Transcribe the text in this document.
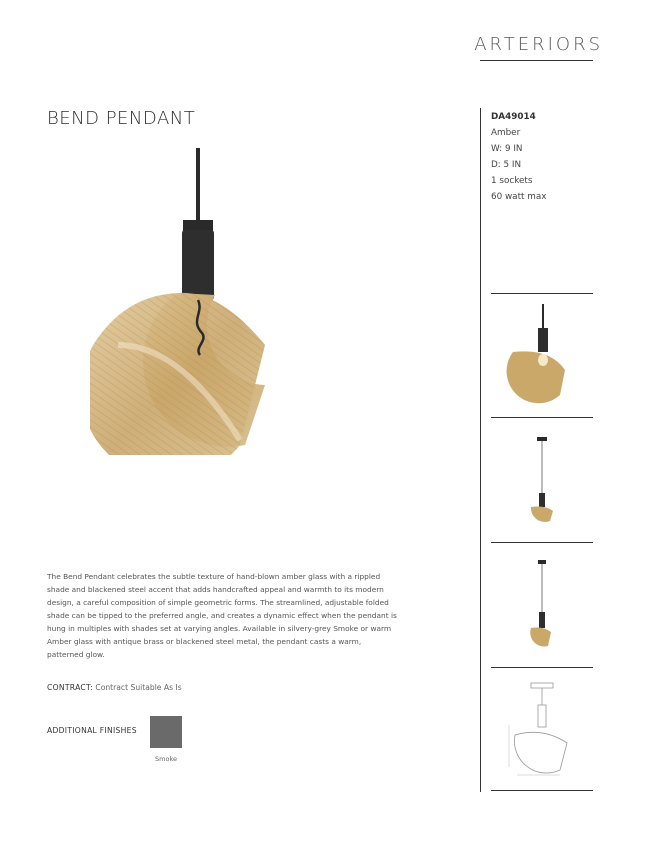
ARTERIORS
BEND PENDANT
The Bend Pendant celebrates the subtle texture of hand-blown amber glass with a rippled shade and blackened steel accent that adds handcrafted appeal and warmth to its modern design, a careful composition of simple geometric forms. The streamlined, adjustable folded shade can be tipped to the preferred angle, and creates a dynamic effect when the pendant is hung in multiples with shades set at varying angles. Available in silvery-grey Smoke or warm Amber glass with antique brass or blackened steel metal, the pendant casts a warm, patterned glow.
CONTRACT: Contract Suitable As Is
ADDITIONAL FINISHES
Smoke
DA49014
Amber
W: 9 IN
D: 5 IN
1 sockets
60 watt max
